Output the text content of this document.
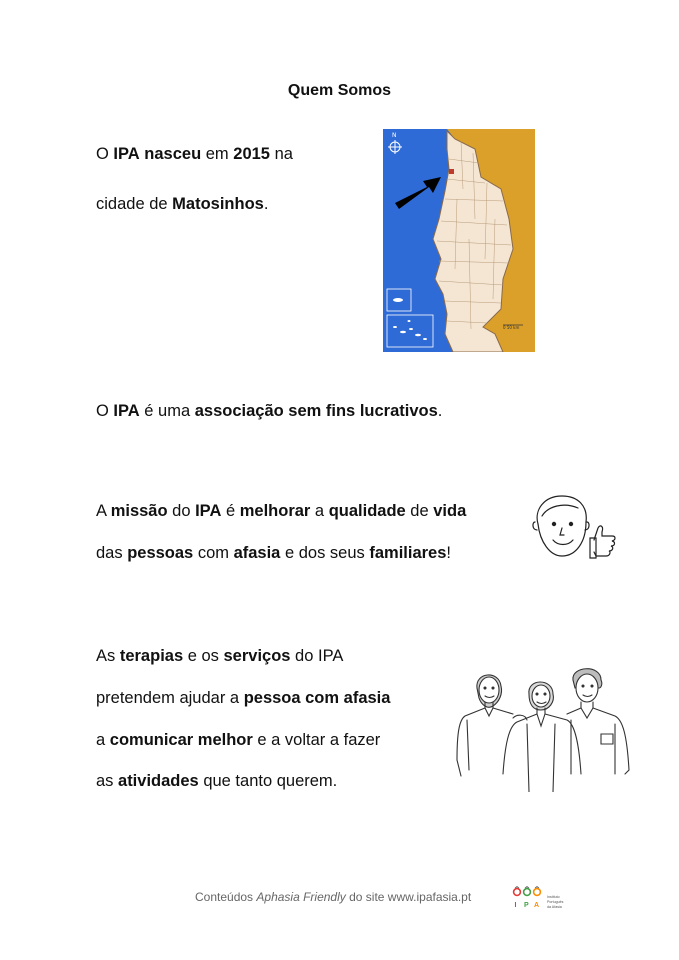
Quem Somos
O IPA nasceu em 2015 na
cidade de Matosinhos.
N
0 50 km
O IPA é uma associação sem fins lucrativos.
A missão do IPA é melhorar a qualidade de vida
das pessoas com afasia e dos seus familiares!
As terapias e os serviços do IPA
pretendem ajudar a pessoa com afasia
a comunicar melhor e a voltar a fazer
as atividades que tanto querem.
Conteúdos Aphasia Friendly do site www.ipafasia.pt
I P A
Instituto
Português
da Afasia
